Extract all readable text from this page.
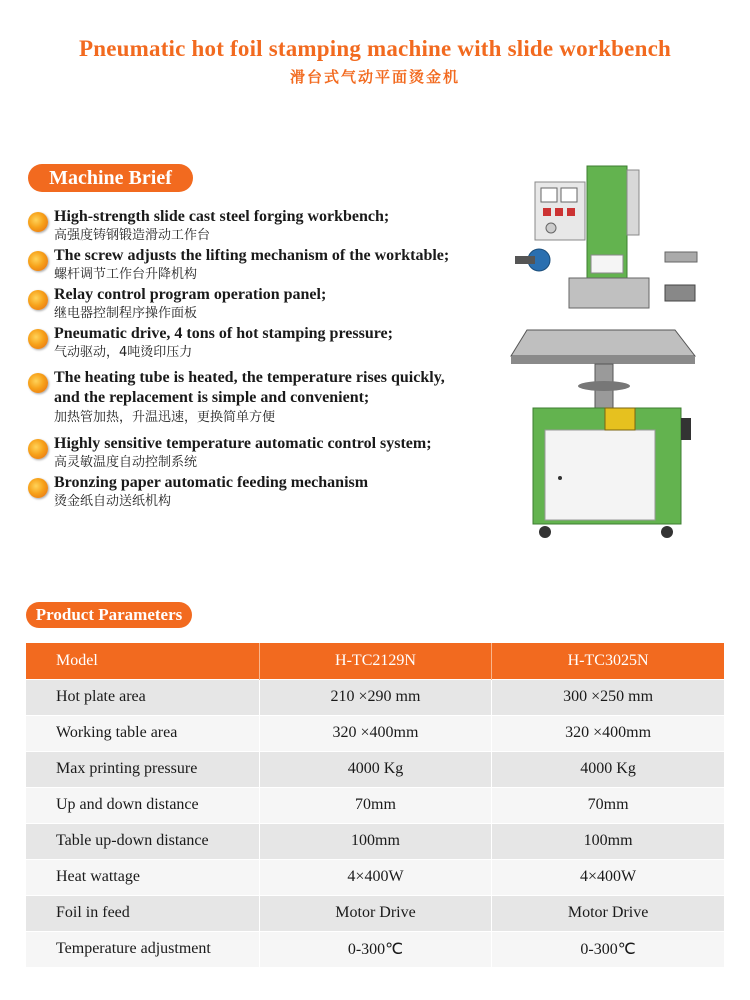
Pneumatic hot foil stamping machine with slide workbench
滑台式气动平面烫金机
Machine Brief
High-strength slide cast steel forging workbench;
高强度铸钢锻造滑动工作台
The screw adjusts the lifting mechanism of the worktable;
螺杆调节工作台升降机构
Relay control program operation panel;
继电器控制程序操作面板
Pneumatic drive, 4 tons of hot stamping pressure;
气动驱动，4吨烫印压力
The heating tube is heated, the temperature rises quickly,
and the replacement is simple and convenient;
加热管加热，升温迅速，更换简单方便
Highly sensitive temperature automatic control system;
高灵敏温度自动控制系统
Bronzing paper automatic feeding mechanism
烫金纸自动送纸机构
Product Parameters
Model	H-TC2129N	H-TC3025N
Hot plate area	210 ×290 mm	300 ×250 mm
Working table area	320 ×400mm	320 ×400mm
Max printing pressure	4000 Kg	4000 Kg
Up and down distance	70mm	70mm
Table up-down distance	100mm	100mm
Heat wattage	4×400W	4×400W
Foil in feed	Motor Drive	Motor Drive
Temperature adjustment	0-300℃	0-300℃
